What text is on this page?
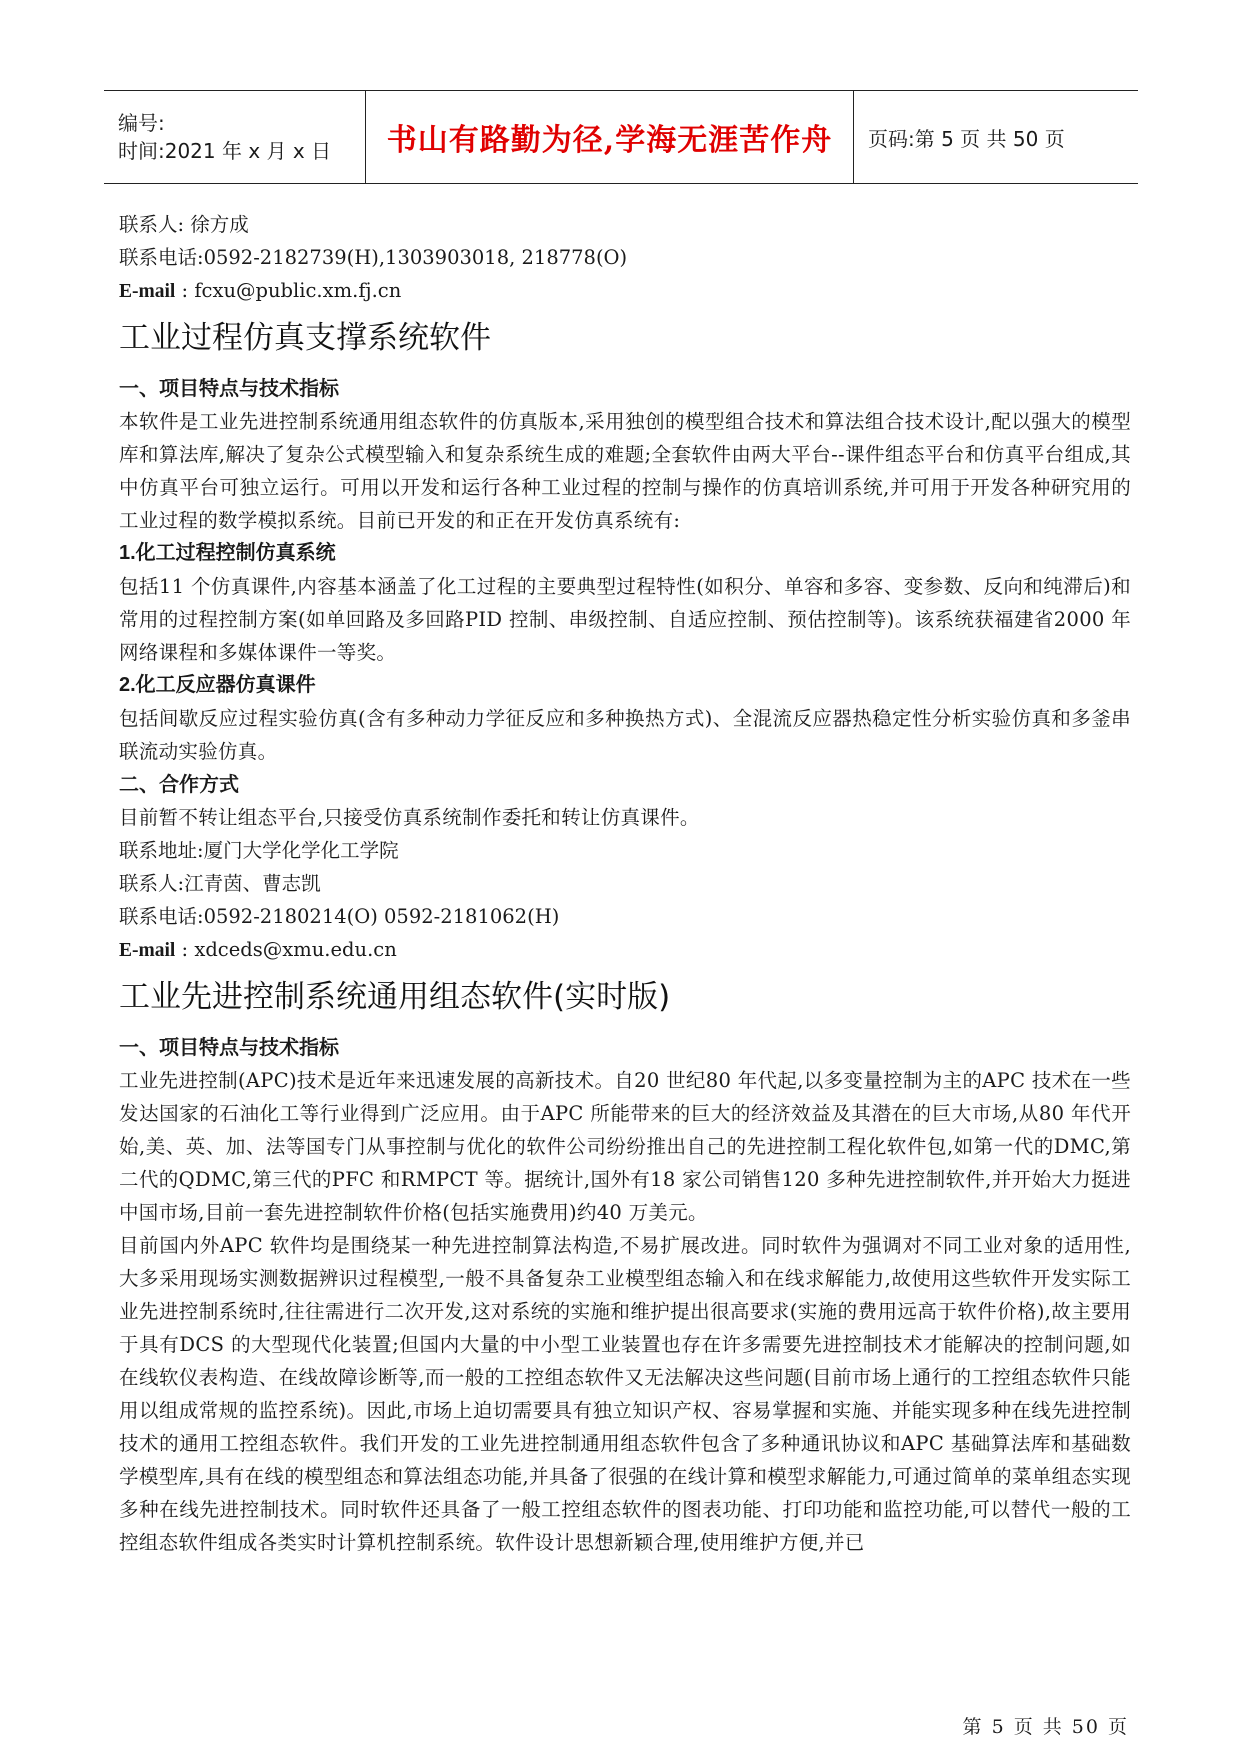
编号:
时间:2021 年 x 月 x 日	书山有路勤为径,学海无涯苦作舟 页码:第 5 页 共 50 页

联系人: 徐方成

联系电话:0592-2182739(H),1303903018, 218778(O)

E-mail : fcxu@public.xm.fj.cn

工业过程仿真支撑系统软件
一、项目特点与技术指标

本软件是工业先进控制系统通用组态软件的仿真版本,采用独创的模型组合技术和算法组合技术设计,配以强大的模型库和算法库,解决了复杂公式模型输入和复杂系统生成的难题;全套软件由两大平台--课件组态平台和仿真平台组成,其中仿真平台可独立运行。可用以开发和运行各种工业过程的控制与操作的仿真培训系统,并可用于开发各种研究用的工业过程的数学模拟系统。目前已开发的和正在开发仿真系统有:

1.化工过程控制仿真系统

包括11 个仿真课件,内容基本涵盖了化工过程的主要典型过程特性(如积分、单容和多容、变参数、反向和纯滞后)和常用的过程控制方案(如单回路及多回路PID 控制、串级控制、自适应控制、预估控制等)。该系统获福建省2000 年网络课程和多媒体课件一等奖。

2.化工反应器仿真课件

包括间歇反应过程实验仿真(含有多种动力学征反应和多种换热方式)、全混流反应器热稳定性分析实验仿真和多釜串联流动实验仿真。

二、合作方式

目前暂不转让组态平台,只接受仿真系统制作委托和转让仿真课件。

联系地址:厦门大学化学化工学院

联系人:江青茵、曹志凯

联系电话:0592-2180214(O) 0592-2181062(H)

E-mail : xdceds@xmu.edu.cn

工业先进控制系统通用组态软件(实时版)
一、项目特点与技术指标

工业先进控制(APC)技术是近年来迅速发展的高新技术。自20 世纪80 年代起,以多变量控制为主的APC 技术在一些发达国家的石油化工等行业得到广泛应用。由于APC 所能带来的巨大的经济效益及其潜在的巨大市场,从80 年代开始,美、英、加、法等国专门从事控制与优化的软件公司纷纷推出自己的先进控制工程化软件包,如第一代的DMC,第二代的QDMC,第三代的PFC 和RMPCT 等。据统计,国外有18 家公司销售120 多种先进控制软件,并开始大力挺进中国市场,目前一套先进控制软件价格(包括实施费用)约40 万美元。

目前国内外APC 软件均是围绕某一种先进控制算法构造,不易扩展改进。同时软件为强调对不同工业对象的适用性,大多采用现场实测数据辨识过程模型,一般不具备复杂工业模型组态输入和在线求解能力,故使用这些软件开发实际工业先进控制系统时,往往需进行二次开发,这对系统的实施和维护提出很高要求(实施的费用远高于软件价格),故主要用于具有DCS 的大型现代化装置;但国内大量的中小型工业装置也存在许多需要先进控制技术才能解决的控制问题,如在线软仪表构造、在线故障诊断等,而一般的工控组态软件又无法解决这些问题(目前市场上通行的工控组态软件只能用以组成常规的监控系统)。因此,市场上迫切需要具有独立知识产权、容易掌握和实施、并能实现多种在线先进控制技术的通用工控组态软件。我们开发的工业先进控制通用组态软件包含了多种通讯协议和APC 基础算法库和基础数学模型库,具有在线的模型组态和算法组态功能,并具备了很强的在线计算和模型求解能力,可通过简单的菜单组态实现多种在线先进控制技术。同时软件还具备了一般工控组态软件的图表功能、打印功能和监控功能,可以替代一般的工控组态软件组成各类实时计算机控制系统。软件设计思想新颖合理,使用维护方便,并已

第 5 页 共 50 页
